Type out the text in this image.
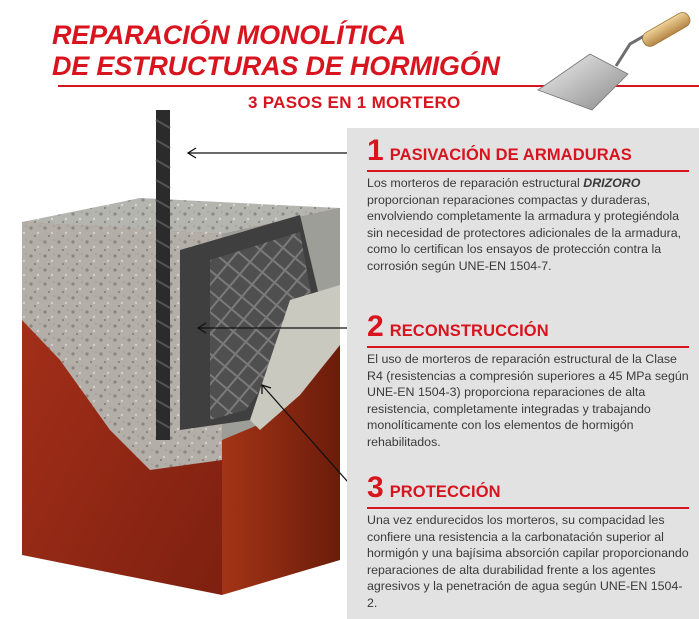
REPARACIÓN MONOLÍTICA
DE ESTRUCTURAS DE HORMIGÓN
3 PASOS EN 1 MORTERO
1 PASIVACIÓN DE ARMADURAS
Los morteros de reparación estructural DRIZORO proporcionan reparaciones compactas y duraderas, envolviendo completamente la armadura y protegiéndola sin necesidad de protectores adicionales de la armadura, como lo certifican los ensayos de protección contra la corrosión según UNE-EN 1504-7.
2 RECONSTRUCCIÓN
El uso de morteros de reparación estructural de la Clase R4 (resistencias a compresión superiores a 45 MPa según UNE-EN 1504-3) proporciona reparaciones de alta resistencia, completamente integradas y trabajando monolíticamente con los elementos de hormigón rehabilitados.
3 PROTECCIÓN
Una vez endurecidos los morteros, su compacidad les confiere una resistencia a la carbonatación superior al hormigón y una bajísima absorción capilar proporcionando reparaciones de alta durabilidad frente a los agentes agresivos y la penetración de agua según UNE-EN 1504-2.
